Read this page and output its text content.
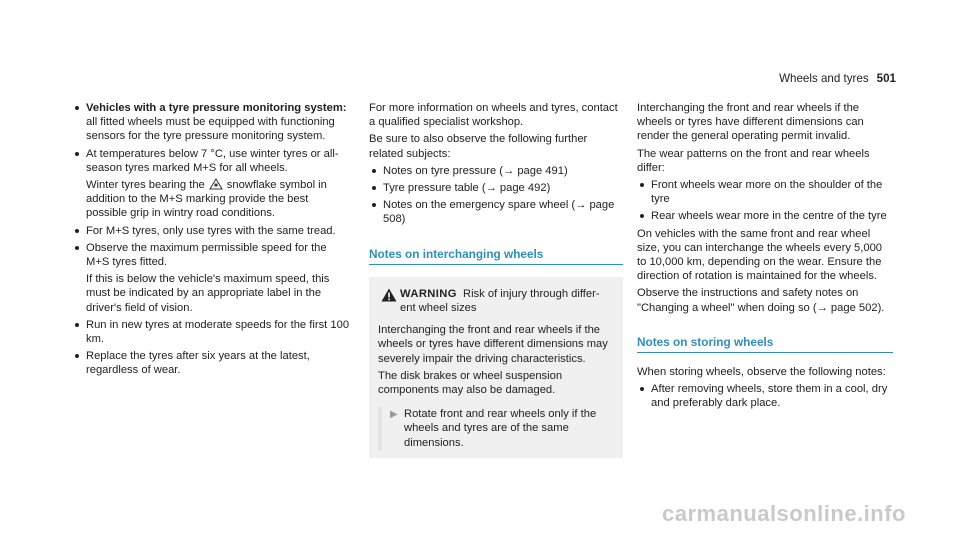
Wheels and tyres 501
Vehicles with a tyre pressure monitoring system: all fitted wheels must be equipped with functioning sensors for the tyre pressure monitoring system.
At temperatures below 7 °C, use winter tyres or all-season tyres marked M+S for all wheels.
Winter tyres bearing the snowflake symbol in addition to the M+S marking provide the best possible grip in wintry road conditions.
For M+S tyres, only use tyres with the same tread.
Observe the maximum permissible speed for the M+S tyres fitted.
If this is below the vehicle's maximum speed, this must be indicated by an appropriate label in the driver's field of vision.
Run in new tyres at moderate speeds for the first 100 km.
Replace the tyres after six years at the latest, regardless of wear.

For more information on wheels and tyres, contact a qualified specialist workshop.

Be sure to also observe the following further related subjects:

Notes on tyre pressure (→ page 491)
Tyre pressure table (→ page 492)
Notes on the emergency spare wheel (→ page 508)
Notes on interchanging wheels
WARNING Risk of injury through differ-
ent wheel sizes

Interchanging the front and rear wheels if the wheels or tyres have different dimensions may severely impair the driving characteristics.

The disk brakes or wheel suspension components may also be damaged.

▶ Rotate front and rear wheels only if the wheels and tyres are of the same dimensions.

Interchanging the front and rear wheels if the wheels or tyres have different dimensions can render the general operating permit invalid.

The wear patterns on the front and rear wheels differ:

Front wheels wear more on the shoulder of the tyre
Rear wheels wear more in the centre of the tyre

On vehicles with the same front and rear wheel size, you can interchange the wheels every 5,000 to 10,000 km, depending on the wear. Ensure the direction of rotation is maintained for the wheels.

Observe the instructions and safety notes on "Changing a wheel" when doing so (→ page 502).

Notes on storing wheels

When storing wheels, observe the following notes:

After removing wheels, store them in a cool, dry and preferably dark place.
carmanualsonline.info
